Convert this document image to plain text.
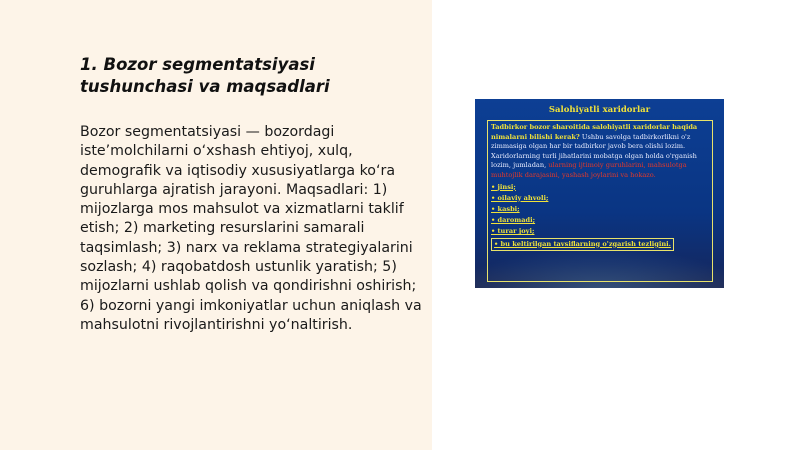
1. Bozor segmentatsiyasi tushunchasi va maqsadlari

Bozor segmentatsiyasi — bozordagi iste’molchilarni o‘xshash ehtiyoj, xulq, demografik va iqtisodiy xususiyatlarga ko‘ra guruhlarga ajratish jarayoni. Maqsadlari: 1) mijozlarga mos mahsulot va xizmatlarni taklif etish; 2) marketing resurslarini samarali taqsimlash; 3) narx va reklama strategiyalarini sozlash; 4) raqobatdosh ustunlik yaratish; 5) mijozlarni ushlab qolish va qondirishni oshirish; 6) bozorni yangi imkoniyatlar uchun aniqlash va mahsulotni rivojlantirishni yo‘naltirish.

Salohiyatli xaridorlar
Tadbirkor bozor sharoitida salohiyatli xaridorlar haqida nimalarni bilishi kerak? Ushbu savolga tadbirkorlikni o'z zimmasiga olgan har bir tadbirkor javob bera olishi lozim. Xaridorlarning turli jihatlarini mobatga olgan holda o'rganish lozim, jumladan, ularning ijtimoiy guruhlarini, mahsulotga muhtojlik darajasini, yashash joylarini va hokazo.
• jinsi;
• oilaviy ahvoli;
• kasbi;
• daromadi;
• turar joyi;
• bu keltirilgan tavsiflarning o'zgarish tezligini.
